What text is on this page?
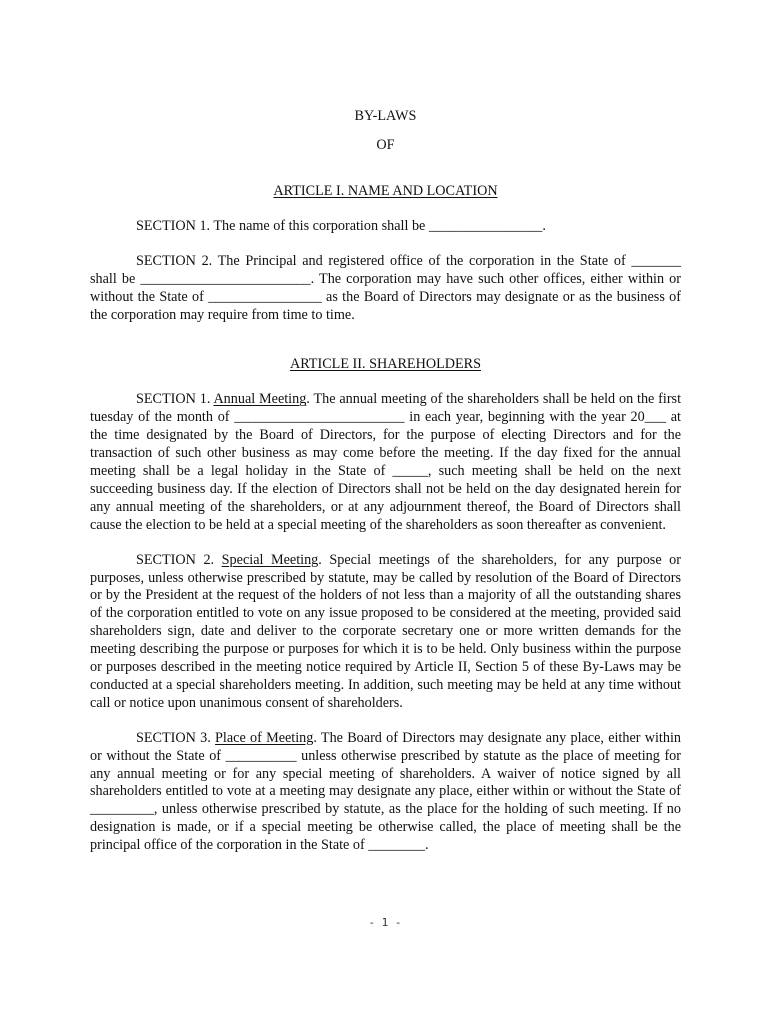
BY-LAWS
OF
ARTICLE I. NAME AND LOCATION

SECTION 1. The name of this corporation shall be ________________.

SECTION 2. The Principal and registered office of the corporation in the State of _______ shall be ________________________. The corporation may have such other offices, either within or without the State of ________________ as the Board of Directors may designate or as the business of the corporation may require from time to time.

ARTICLE II. SHAREHOLDERS

SECTION 1. Annual Meeting. The annual meeting of the shareholders shall be held on the first tuesday of the month of ________________________ in each year, beginning with the year 20___ at the time designated by the Board of Directors, for the purpose of electing Directors and for the transaction of such other business as may come before the meeting. If the day fixed for the annual meeting shall be a legal holiday in the State of _____, such meeting shall be held on the next succeeding business day. If the election of Directors shall not be held on the day designated herein for any annual meeting of the shareholders, or at any adjournment thereof, the Board of Directors shall cause the election to be held at a special meeting of the shareholders as soon thereafter as convenient.

SECTION 2. Special Meeting. Special meetings of the shareholders, for any purpose or purposes, unless otherwise prescribed by statute, may be called by resolution of the Board of Directors or by the President at the request of the holders of not less than a majority of all the outstanding shares of the corporation entitled to vote on any issue proposed to be considered at the meeting, provided said shareholders sign, date and deliver to the corporate secretary one or more written demands for the meeting describing the purpose or purposes for which it is to be held. Only business within the purpose or purposes described in the meeting notice required by Article II, Section 5 of these By-Laws may be conducted at a special shareholders meeting. In addition, such meeting may be held at any time without call or notice upon unanimous consent of shareholders.

SECTION 3. Place of Meeting. The Board of Directors may designate any place, either within or without the State of __________ unless otherwise prescribed by statute as the place of meeting for any annual meeting or for any special meeting of shareholders. A waiver of notice signed by all shareholders entitled to vote at a meeting may designate any place, either within or without the State of _________, unless otherwise prescribed by statute, as the place for the holding of such meeting. If no designation is made, or if a special meeting be otherwise called, the place of meeting shall be the principal office of the corporation in the State of ________.

- 1 -
